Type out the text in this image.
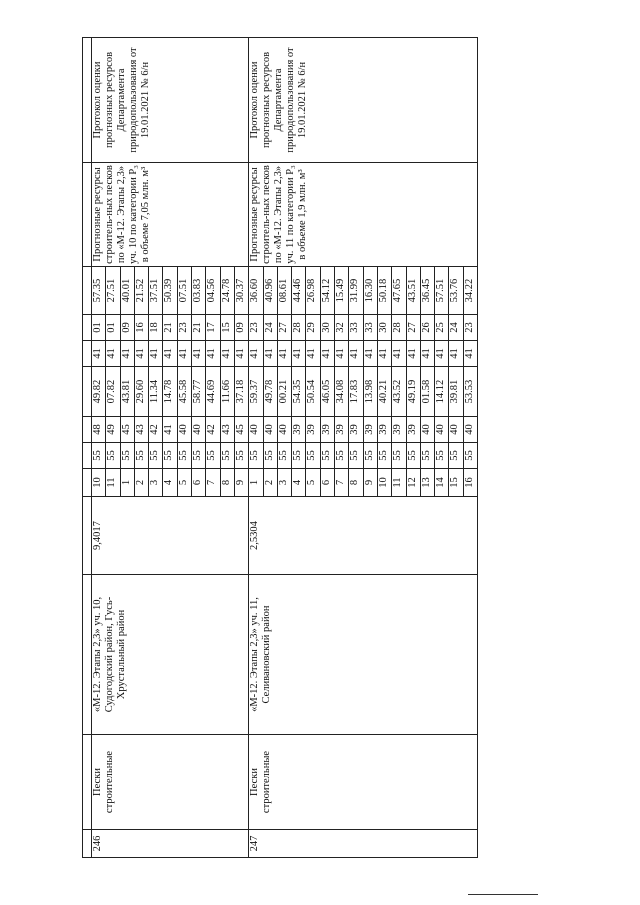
246	Пески строительные	«М-12. Этапы 2,3» уч. 10, Судогодский район, Гусь-Хрустальный район	9,4017	10	55	48	49.82	41	01	57.35	Прогнозные ресурсы строитель-ных песков по «М-12. Этапы 2,3» уч. 10 по категории Р₃ в объеме 7,05 млн. м³	Протокол оценки прогнозных ресурсов Департамента природопользования от 19.01.2021 № 6/н
				11	55	49	07.82	41	01	27.51		
				1	55	45	43.81	41	09	40.01		
				2	55	43	29.60	41	16	21.52		
				3	55	42	11.34	41	18	37.51		
				4	55	41	14.78	41	21	50.39		
				5	55	40	45.58	41	23	07.51		
				6	55	40	58.77	41	21	03.83		
				7	55	42	44.69	41	17	04.56		
				8	55	43	11.66	41	15	24.78		
				9	55	45	37.18	41	09	30.37		
247	Пески строительные	«М-12. Этапы 2,3» уч. 11, Селивановский район	2,5304	1	55	40	59.37	41	23	36.60	Прогнозные ресурсы строитель-ных песков по «М-12. Этапы 2,3» уч. 11 по категории Р₃ в объеме 1,9 млн. м³	Протокол оценки прогнозных ресурсов Департамента природопользования от 19.01.2021 № 6/н
				2	55	40	49.78	41	24	40.96		
				3	55	40	00.21	41	27	08.61		
				4	55	39	54.35	41	28	44.46		
				5	55	39	50.54	41	29	26.98		
				6	55	39	46.05	41	30	54.12		
				7	55	39	34.08	41	32	15.49		
				8	55	39	17.83	41	33	31.99		
				9	55	39	13.98	41	33	16.30		
				10	55	39	40.21	41	30	50.18		
				11	55	39	43.52	41	28	47.65		
				12	55	39	49.19	41	27	43.51		
				13	55	40	01.58	41	26	36.45		
				14	55	40	14.12	41	25	57.51		
				15	55	40	39.81	41	24	53.76		
				16	55	40	53.53	41	23	34.22		
